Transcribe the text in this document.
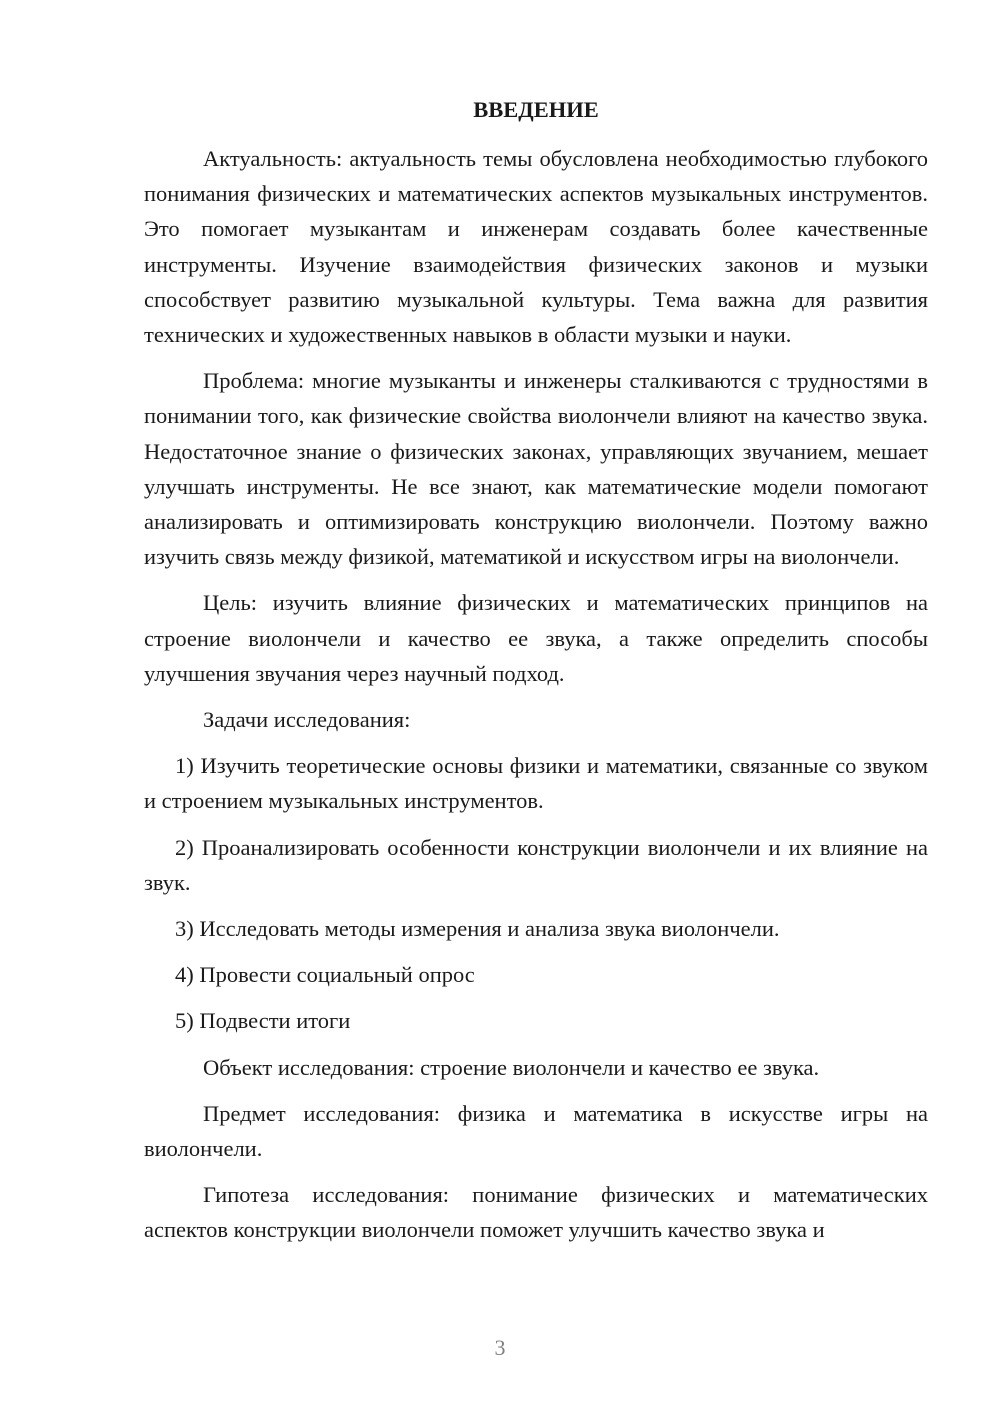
ВВЕДЕНИЕ

Актуальность: актуальность темы обусловлена необходимостью глубокого понимания физических и математических аспектов музыкальных инструментов. Это помогает музыкантам и инженерам создавать более качественные инструменты. Изучение взаимодействия физических законов и музыки способствует развитию музыкальной культуры. Тема важна для развития технических и художественных навыков в области музыки и науки.

Проблема: многие музыканты и инженеры сталкиваются с трудностями в понимании того, как физические свойства виолончели влияют на качество звука. Недостаточное знание о физических законах, управляющих звучанием, мешает улучшать инструменты. Не все знают, как математические модели помогают анализировать и оптимизировать конструкцию виолончели. Поэтому важно изучить связь между физикой, математикой и искусством игры на виолончели.

Цель: изучить влияние физических и математических принципов на строение виолончели и качество ее звука, а также определить способы улучшения звучания через научный подход.

Задачи исследования:

1) Изучить теоретические основы физики и математики, связанные со звуком и строением музыкальных инструментов.

2) Проанализировать особенности конструкции виолончели и их влияние на звук.

3) Исследовать методы измерения и анализа звука виолончели.

4) Провести социальный опрос

5) Подвести итоги

Объект исследования: строение виолончели и качество ее звука.

Предмет исследования: физика и математика в искусстве игры на виолончели.

Гипотеза исследования: понимание физических и математических аспектов конструкции виолончели поможет улучшить качество звука и

3
